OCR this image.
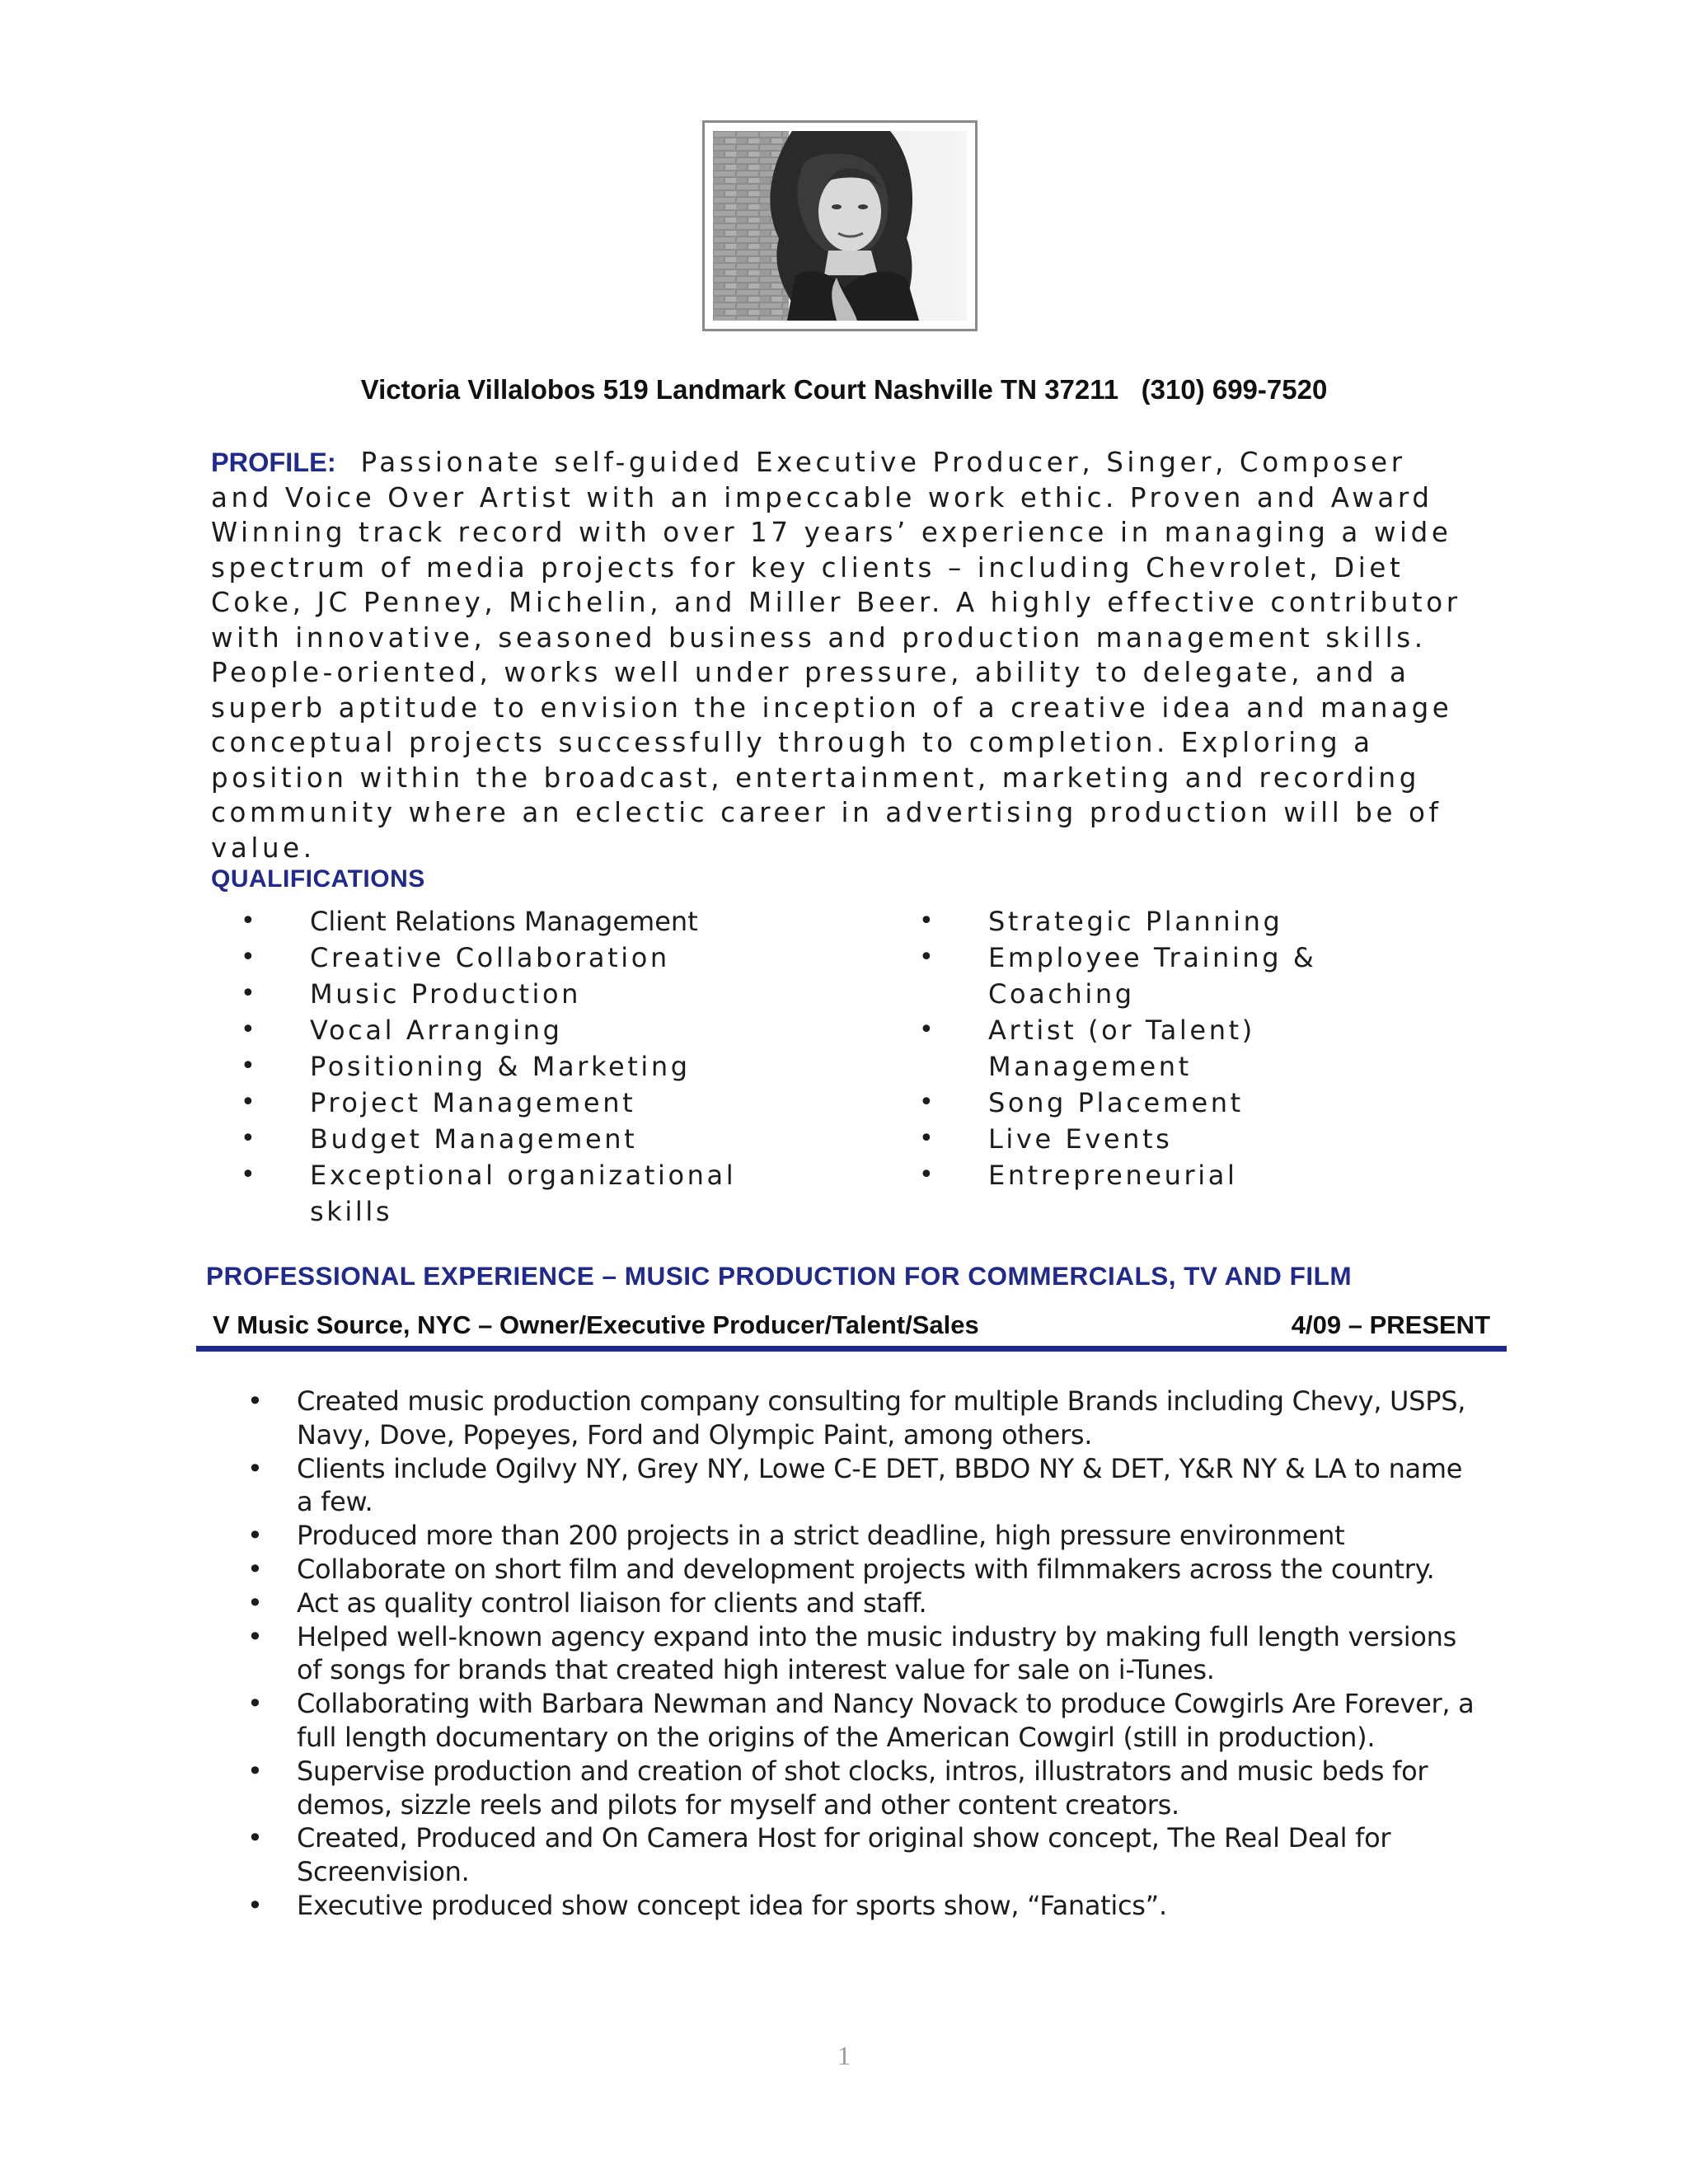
Victoria Villalobos 519 Landmark Court Nashville TN 37211   (310) 699-7520
PROFILE: Passionate self-guided Executive Producer, Singer, Composer and Voice Over Artist with an impeccable work ethic. Proven and Award Winning track record with over 17 years’ experience in managing a wide spectrum of media projects for key clients – including Chevrolet, Diet Coke, JC Penney, Michelin, and Miller Beer. A highly effective contributor with innovative, seasoned business and production management skills. People-oriented, works well under pressure, ability to delegate, and a superb aptitude to envision the inception of a creative idea and manage conceptual projects successfully through to completion. Exploring a position within the broadcast, entertainment, marketing and recording community where an eclectic career in advertising production will be of value.
QUALIFICATIONS
• Client Relations Management
• Creative Collaboration
• Music Production
• Vocal Arranging
• Positioning & Marketing
• Project Management
• Budget Management
• Exceptional organizational skills
• Strategic Planning
• Employee Training & Coaching
• Artist (or Talent) Management
• Song Placement
• Live Events
• Entrepreneurial
PROFESSIONAL EXPERIENCE – MUSIC PRODUCTION FOR COMMERCIALS, TV AND FILM
V Music Source, NYC – Owner/Executive Producer/Talent/Sales	4/09 – PRESENT
• Created music production company consulting for multiple Brands including Chevy, USPS, Navy, Dove, Popeyes, Ford and Olympic Paint, among others.
• Clients include Ogilvy NY, Grey NY, Lowe C-E DET, BBDO NY & DET, Y&R NY & LA to name a few.
• Produced more than 200 projects in a strict deadline, high pressure environment
• Collaborate on short film and development projects with filmmakers across the country.
• Act as quality control liaison for clients and staff.
• Helped well-known agency expand into the music industry by making full length versions of songs for brands that created high interest value for sale on i-Tunes.
• Collaborating with Barbara Newman and Nancy Novack to produce Cowgirls Are Forever, a full length documentary on the origins of the American Cowgirl (still in production).
• Supervise production and creation of shot clocks, intros, illustrators and music beds for demos, sizzle reels and pilots for myself and other content creators.
• Created, Produced and On Camera Host for original show concept, The Real Deal for Screenvision.
• Executive produced show concept idea for sports show, “Fanatics”.
1
